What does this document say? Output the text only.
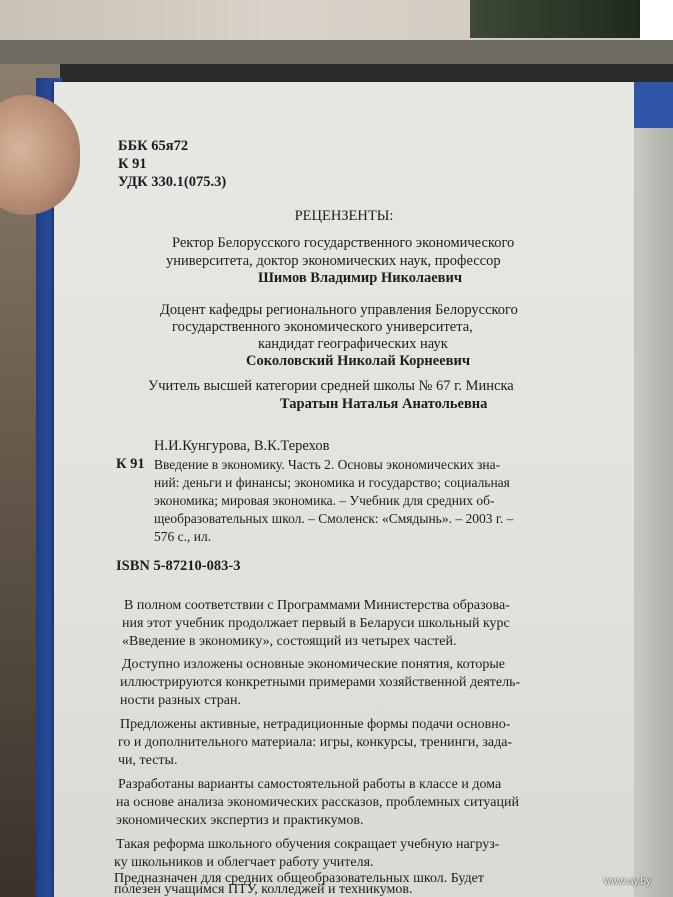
ББК 65я72
К 91
УДК 330.1(075.3)
РЕЦЕНЗЕНТЫ:
Ректор Белорусского государственного экономического
университета, доктор экономических наук, профессор
Шимов Владимир Николаевич
Доцент кафедры регионального управления Белорусского
государственного экономического университета,
кандидат географических наук
Соколовский Николай Корнеевич
Учитель высшей категории средней школы № 67 г. Минска
Таратын Наталья Анатольевна
Н.И.Кунгурова, В.К.Терехов
К 91 Введение в экономику. Часть 2. Основы экономических зна-
ний: деньги и финансы; экономика и государство; социальная
экономика; мировая экономика. – Учебник для средних об-
щеобразовательных школ. – Смоленск: «Смядынь». – 2003 г. –
576 с., ил.
ISBN 5-87210-083-3
В полном соответствии с Программами Министерства образова-
ния этот учебник продолжает первый в Беларуси школьный курс
«Введение в экономику», состоящий из четырех частей.
Доступно изложены основные экономические понятия, которые
иллюстрируются конкретными примерами хозяйственной деятель-
ности разных стран.
Предложены активные, нетрадиционные формы подачи основно-
го и дополнительного материала: игры, конкурсы, тренинги, зада-
чи, тесты.
Разработаны варианты самостоятельной работы в классе и дома
на основе анализа экономических рассказов, проблемных ситуаций
экономических экспертиз и практикумов.
Такая реформа школьного обучения сокращает учебную нагруз-
ку школьников и облегчает работу учителя.
Предназначен для средних общеобразовательных школ. Будет
полезен учащимся ПТУ, колледжей и техникумов.
www.ay.by
